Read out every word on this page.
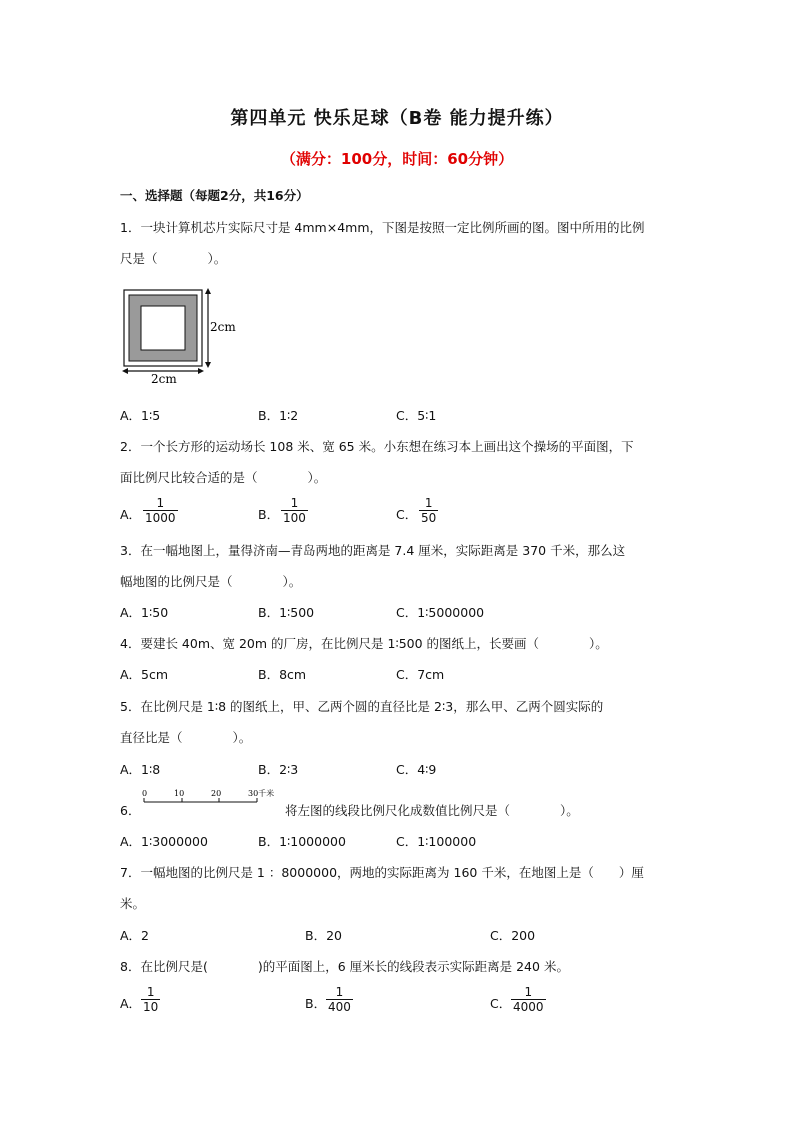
第四单元 快乐足球（B卷 能力提升练）
（满分：100分，时间：60分钟）
一、选择题（每题2分，共16分）
1．一块计算机芯片实际尺寸是 4mm×4mm，下图是按照一定比例所画的图。图中所用的比例
尺是（　　　　）。
2cm
2cm
A．1∶5	B．1∶2	C．5∶1
2．一个长方形的运动场长 108 米、宽 65 米。小东想在练习本上画出这个操场的平面图，下
面比例尺比较合适的是（　　　　）。
A． $\frac{1}{1000}$	B． $\frac{1}{100}$	C． $\frac{1}{50}$
3．在一幅地图上，量得济南—青岛两地的距离是 7.4 厘米，实际距离是 370 千米，那么这
幅地图的比例尺是（　　　　）。
A．1∶50	B．1∶500	C．1∶5000000
4．要建长 40m、宽 20m 的厂房，在比例尺是 1∶500 的图纸上，长要画（　　　　）。
A．5cm	B．8cm	C．7cm
5．在比例尺是 1∶8 的图纸上，甲、乙两个圆的直径比是 2∶3，那么甲、乙两个圆实际的
直径比是（　　　　）。
A．1∶8	B．2∶3	C．4∶9
6．
0	10	20	30千米
将左图的线段比例尺化成数值比例尺是（　　　　）。
A．1∶3000000	B．1∶1000000	C．1∶100000
7．一幅地图的比例尺是 1 ：8000000，两地的实际距离为 160 千米，在地图上是（　　）厘
米。
A．2	B．20	C．200
8．在比例尺是(　　　　)的平面图上，6 厘米长的线段表示实际距离是 240 米。
A． $\frac{1}{10}$	B． $\frac{1}{400}$	C． $\frac{1}{4000}$
